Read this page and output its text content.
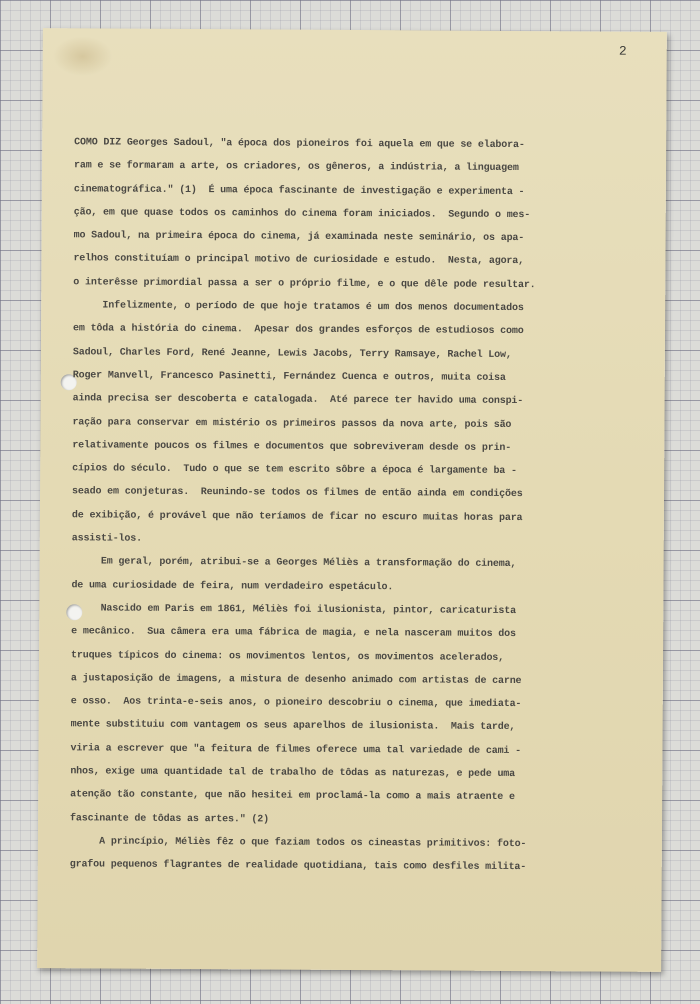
2
COMO DIZ Georges Sadoul, "a época dos pioneiros foi aquela em que se elabora-
ram e se formaram a arte, os criadores, os gêneros, a indústria, a linguagem
cinematográfica." (1)  É uma época fascinante de investigação e experimenta -
ção, em que quase todos os caminhos do cinema foram iniciados.  Segundo o mes-
mo Sadoul, na primeira época do cinema, já examinada neste seminário, os apa-
relhos constituíam o principal motivo de curiosidade e estudo.  Nesta, agora,
o interêsse primordial passa a ser o próprio filme, e o que dêle pode resultar.
Infelizmente, o período de que hoje tratamos é um dos menos documentados
em tôda a história do cinema.  Apesar dos grandes esforços de estudiosos como
Sadoul, Charles Ford, René Jeanne, Lewis Jacobs, Terry Ramsaye, Rachel Low,
Roger Manvell, Francesco Pasinetti, Fernández Cuenca e outros, muita coisa
ainda precisa ser descoberta e catalogada.  Até parece ter havido uma conspi-
ração para conservar em mistério os primeiros passos da nova arte, pois são
relativamente poucos os filmes e documentos que sobreviveram desde os prin-
cípios do século.  Tudo o que se tem escrito sôbre a época é largamente ba -
seado em conjeturas.  Reunindo-se todos os filmes de então ainda em condições
de exibição, é provável que não teríamos de ficar no escuro muitas horas para
assisti-los.
Em geral, porém, atribui-se a Georges Méliès a transformação do cinema,
de uma curiosidade de feira, num verdadeiro espetáculo.
Nascido em Paris em 1861, Méliès foi ilusionista, pintor, caricaturista
e mecânico.  Sua câmera era uma fábrica de magia, e nela nasceram muitos dos
truques típicos do cinema: os movimentos lentos, os movimentos acelerados,
a justaposição de imagens, a mistura de desenho animado com artistas de carne
e osso.  Aos trinta-e-seis anos, o pioneiro descobriu o cinema, que imediata-
mente substituiu com vantagem os seus aparelhos de ilusionista.  Mais tarde,
viria a escrever que "a feitura de filmes oferece uma tal variedade de cami -
nhos, exige uma quantidade tal de trabalho de tôdas as naturezas, e pede uma
atenção tão constante, que não hesitei em proclamá-la como a mais atraente e
fascinante de tôdas as artes." (2)
A princípio, Méliès fêz o que faziam todos os cineastas primitivos: foto-
grafou pequenos flagrantes de realidade quotidiana, tais como desfiles milita-
